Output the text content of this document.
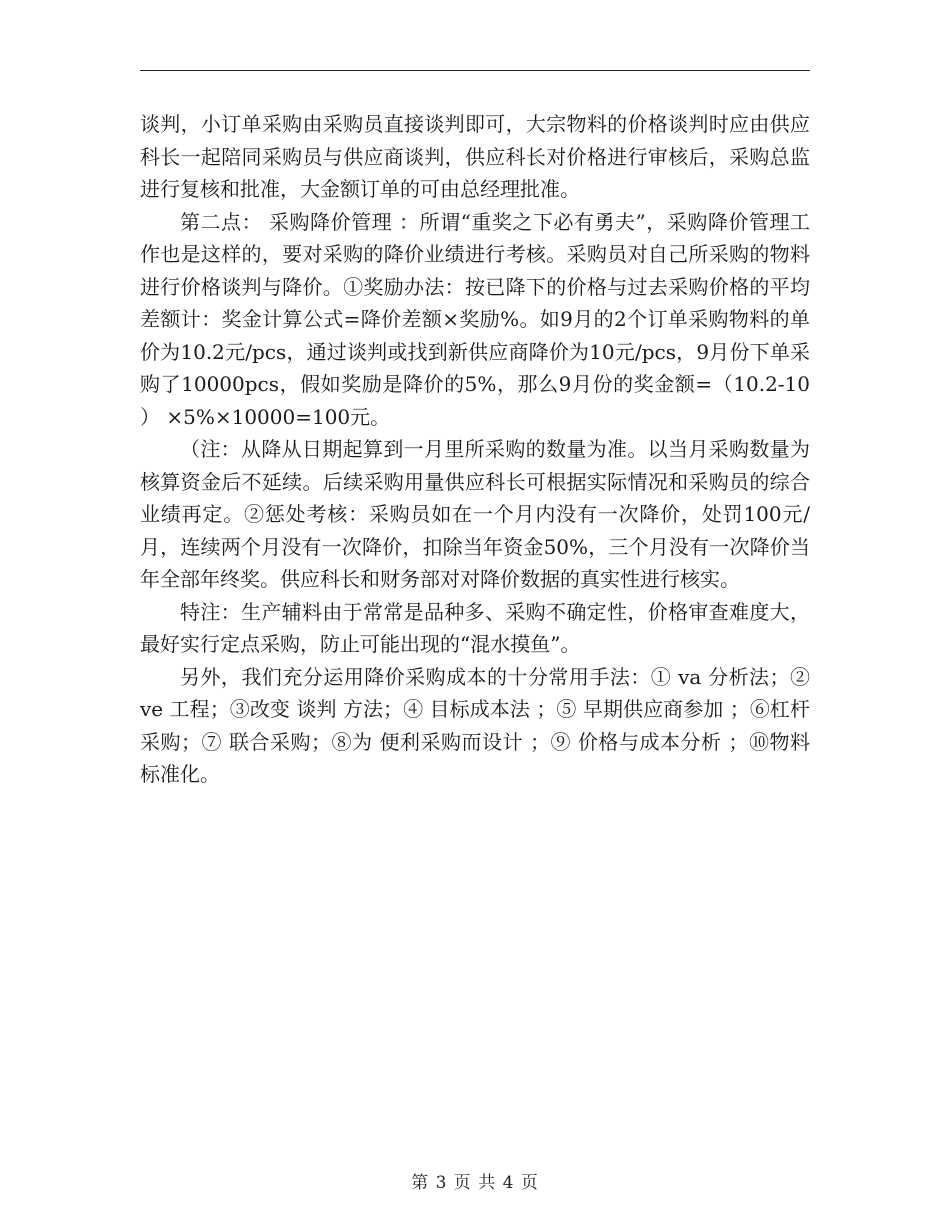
谈判，小订单采购由采购员直接谈判即可，大宗物料的价格谈判时应由供应科长一起陪同采购员与供应商谈判，供应科长对价格进行审核后，采购总监进行复核和批准，大金额订单的可由总经理批准。

第二点： 采购降价管理 ：所谓“重奖之下必有勇夫”，采购降价管理工作也是这样的，要对采购的降价业绩进行考核。采购员对自己所采购的物料进行价格谈判与降价。①奖励办法：按已降下的价格与过去采购价格的平均差额计：奖金计算公式=降价差额×奖励%。如9月的2个订单采购物料的单价为10.2元/pcs，通过谈判或找到新供应商降价为10元/pcs，9月份下单采购了10000pcs，假如奖励是降价的5%，那么9月份的奖金额=（10.2-10 ） ×5%×10000=100元。

（注：从降从日期起算到一月里所采购的数量为准。以当月采购数量为核算资金后不延续。后续采购用量供应科长可根据实际情况和采购员的综合业绩再定。②惩处考核：采购员如在一个月内没有一次降价，处罚100元/月，连续两个月没有一次降价，扣除当年资金50%，三个月没有一次降价当年全部年终奖。供应科长和财务部对对降价数据的真实性进行核实。

特注：生产辅料由于常常是品种多、采购不确定性，价格审查难度大，最好实行定点采购，防止可能出现的“混水摸鱼”。

另外，我们充分运用降价采购成本的十分常用手法：① va 分析法；② ve 工程；③改变 谈判 方法；④ 目标成本法 ；⑤ 早期供应商参加 ；⑥杠杆采购；⑦ 联合采购；⑧为 便利采购而设计 ；⑨ 价格与成本分析 ；⑩物料 标准化。

第 3 页 共 4 页
